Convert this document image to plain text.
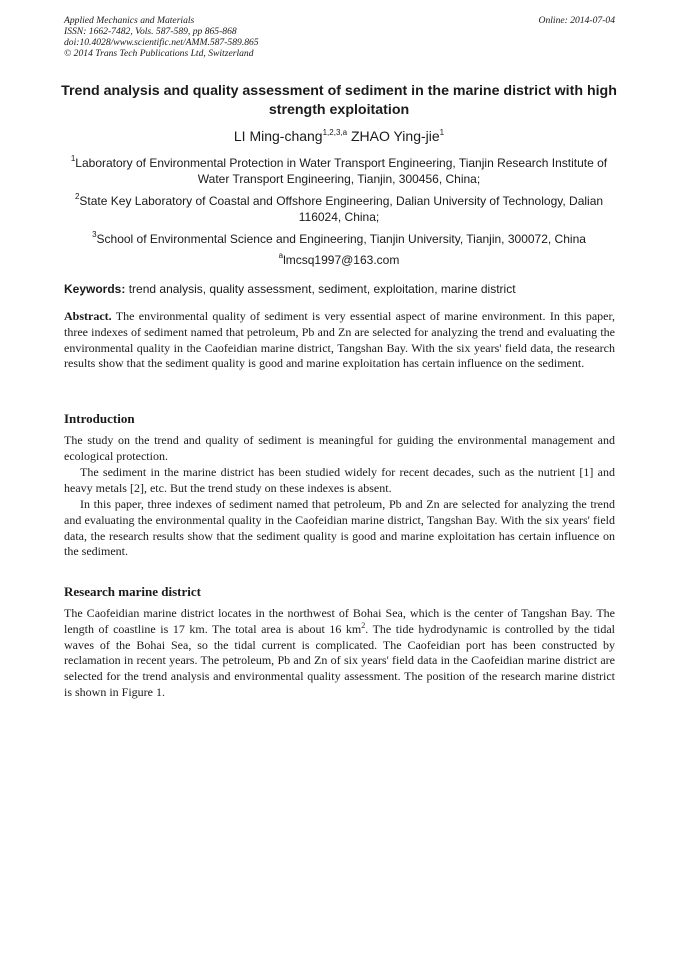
Applied Mechanics and Materials
ISSN: 1662-7482, Vols. 587-589, pp 865-868
doi:10.4028/www.scientific.net/AMM.587-589.865
© 2014 Trans Tech Publications Ltd, Switzerland
Online: 2014-07-04
Trend analysis and quality assessment of sediment in the marine district with high strength exploitation
LI Ming-chang$^{1,2,3,a}$ ZHAO Ying-jie$^1$
$^1$Laboratory of Environmental Protection in Water Transport Engineering, Tianjin Research Institute of Water Transport Engineering, Tianjin, 300456, China;
$^2$State Key Laboratory of Coastal and Offshore Engineering, Dalian University of Technology, Dalian 116024, China;
$^3$School of Environmental Science and Engineering, Tianjin University, Tianjin, 300072, China
$^a$lmcsq1997@163.com
Keywords: trend analysis, quality assessment, sediment, exploitation, marine district
Abstract. The environmental quality of sediment is very essential aspect of marine environment. In this paper, three indexes of sediment named that petroleum, Pb and Zn are selected for analyzing the trend and evaluating the environmental quality in the Caofeidian marine district, Tangshan Bay. With the six years' field data, the research results show that the sediment quality is good and marine exploitation has certain influence on the sediment.
Introduction
The study on the trend and quality of sediment is meaningful for guiding the environmental management and ecological protection.
The sediment in the marine district has been studied widely for recent decades, such as the nutrient [1] and heavy metals [2], etc. But the trend study on these indexes is absent.
In this paper, three indexes of sediment named that petroleum, Pb and Zn are selected for analyzing the trend and evaluating the environmental quality in the Caofeidian marine district, Tangshan Bay. With the six years' field data, the research results show that the sediment quality is good and marine exploitation has certain influence on the sediment.
Research marine district
The Caofeidian marine district locates in the northwest of Bohai Sea, which is the center of Tangshan Bay. The length of coastline is 17 km. The total area is about 16 $km^2$. The tide hydrodynamic is controlled by the tidal waves of the Bohai Sea, so the tidal current is complicated. The Caofeidian port has been constructed by reclamation in recent years. The petroleum, Pb and Zn of six years' field data in the Caofeidian marine district are selected for the trend analysis and environmental quality assessment. The position of the research marine district is shown in Figure 1.
